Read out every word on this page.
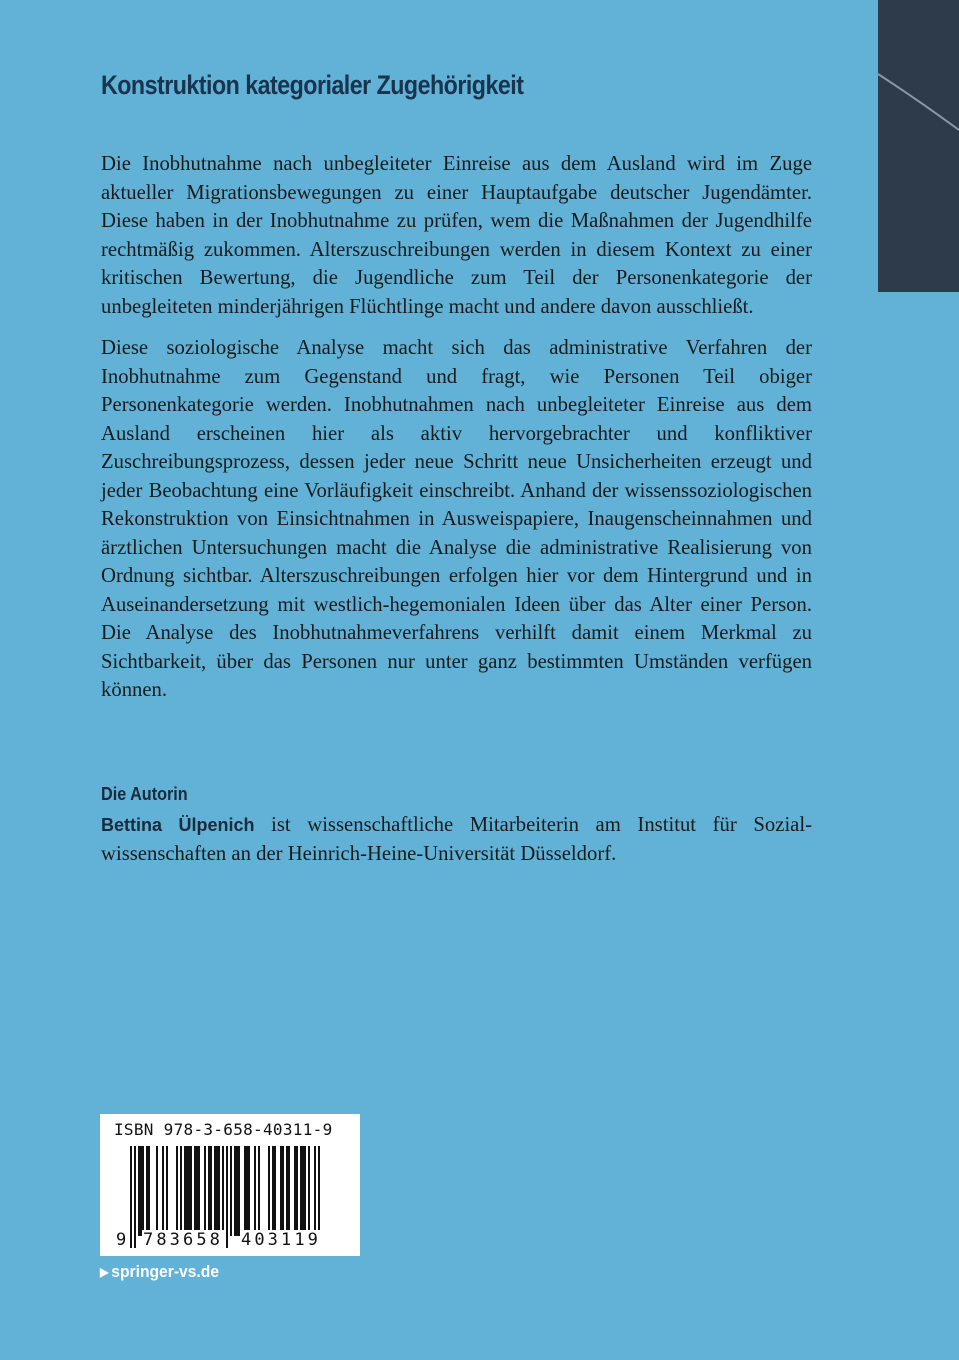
Konstruktion kategorialer Zugehörigkeit

Die Inobhutnahme nach unbegleiteter Einreise aus dem Ausland wird im Zuge aktueller Migrationsbewegungen zu einer Hauptaufgabe deutscher Jugendämter. Diese haben in der Inobhutnahme zu prüfen, wem die Maßnahmen der Jugendhilfe rechtmäßig zukommen. Alterszuschreibungen werden in diesem Kontext zu einer kritischen Bewertung, die Jugendliche zum Teil der Personenkategorie der unbegleiteten minderjährigen Flüchtlinge macht und andere davon ausschließt.

Diese soziologische Analyse macht sich das administrative Verfahren der Inobhutnahme zum Gegenstand und fragt, wie Personen Teil obiger Personenkategorie werden. Inobhutnahmen nach unbegleiteter Einreise aus dem Ausland erscheinen hier als aktiv hervorgebrachter und konfliktiver Zuschreibungsprozess, dessen jeder neue Schritt neue Unsicherheiten erzeugt und jeder Beobachtung eine Vorläufigkeit einschreibt. Anhand der wissenssoziologischen Rekonstruktion von Einsichtnahmen in Ausweispapiere, Inaugenscheinnahmen und ärztlichen Untersuchungen macht die Analyse die administrative Realisierung von Ordnung sichtbar. Alterszuschreibungen erfolgen hier vor dem Hintergrund und in Auseinandersetzung mit westlich-hegemonialen Ideen über das Alter einer Person. Die Analyse des Inobhutnahmeverfahrens verhilft damit einem Merkmal zu Sichtbarkeit, über das Personen nur unter ganz bestimmten Umständen verfügen können.

Die Autorin

Bettina Ülpenich ist wissenschaftliche Mitarbeiterin am Institut für Sozialwissenschaften an der Heinrich-Heine-Universität Düsseldorf.

ISBN 978-3-658-40311-9
9 783658 403119
▶ springer-vs.de
